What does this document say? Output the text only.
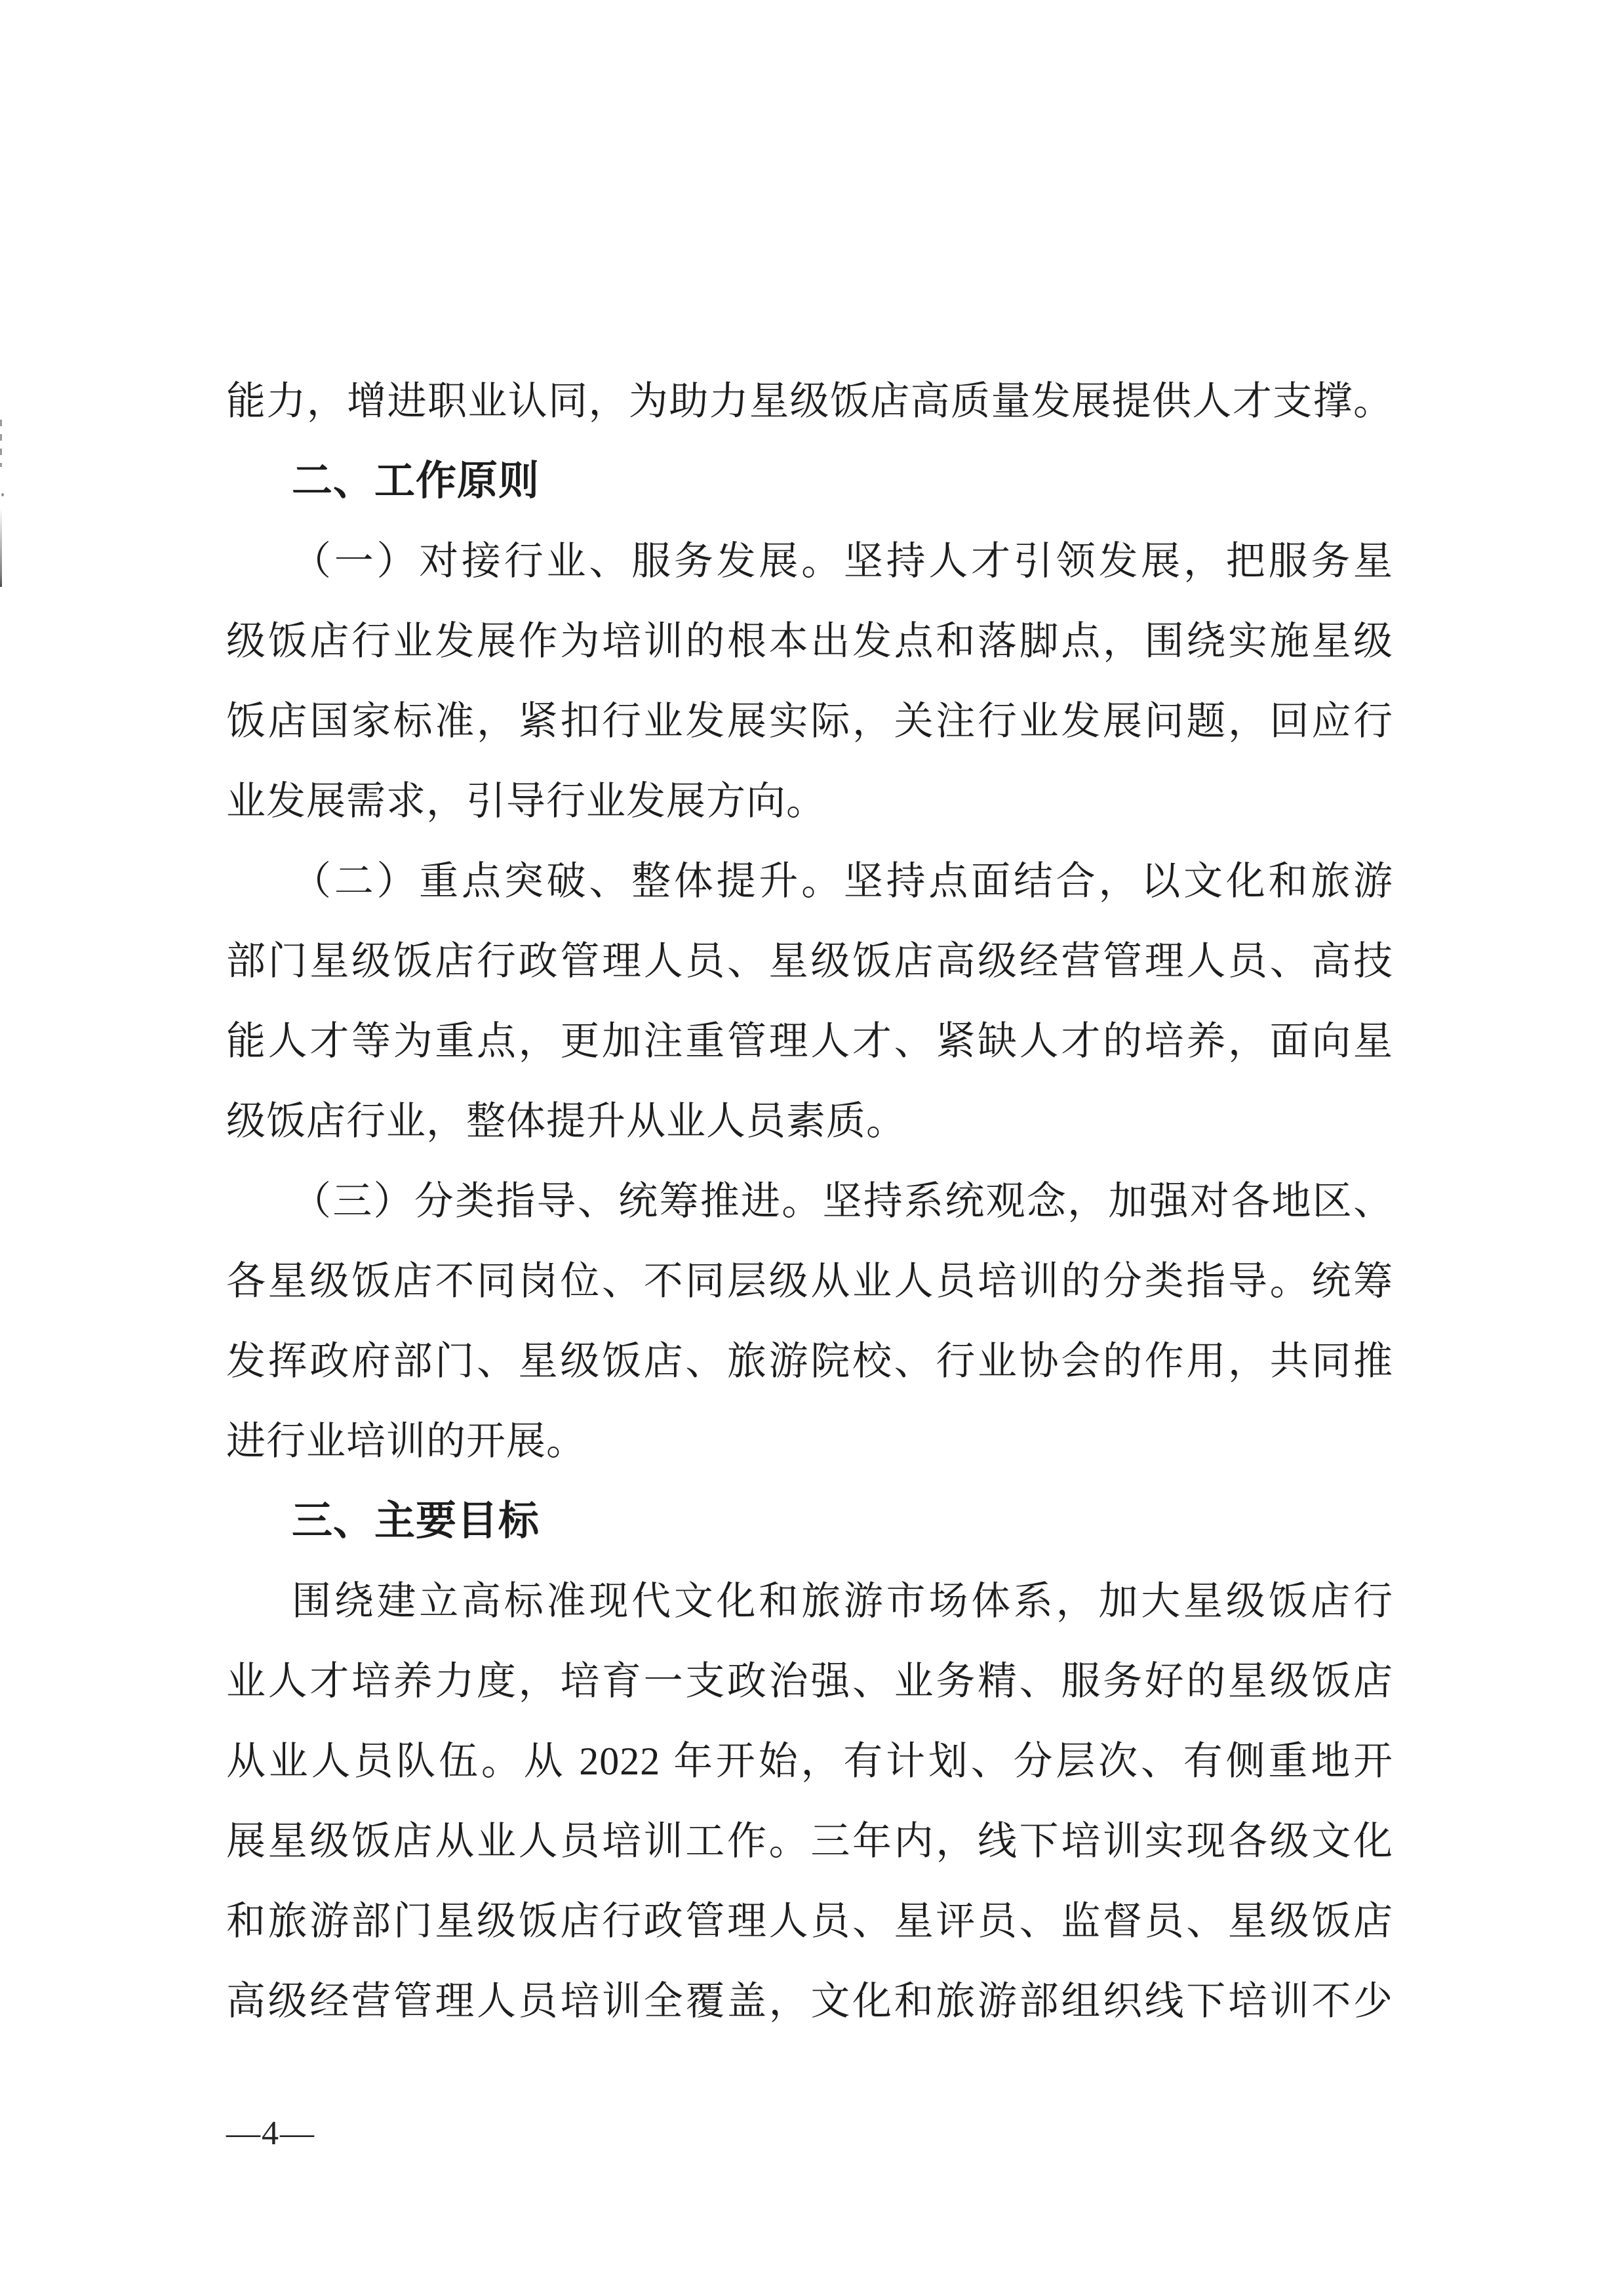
能力，增进职业认同，为助力星级饭店高质量发展提供人才支撑。
二、工作原则
（一）对接行业、服务发展。坚持人才引领发展，把服务星
级饭店行业发展作为培训的根本出发点和落脚点，围绕实施星级
饭店国家标准，紧扣行业发展实际，关注行业发展问题，回应行
业发展需求，引导行业发展方向。
（二）重点突破、整体提升。坚持点面结合，以文化和旅游
部门星级饭店行政管理人员、星级饭店高级经营管理人员、高技
能人才等为重点，更加注重管理人才、紧缺人才的培养，面向星
级饭店行业，整体提升从业人员素质。
（三）分类指导、统筹推进。坚持系统观念，加强对各地区、
各星级饭店不同岗位、不同层级从业人员培训的分类指导。统筹
发挥政府部门、星级饭店、旅游院校、行业协会的作用，共同推
进行业培训的开展。
三、主要目标
围绕建立高标准现代文化和旅游市场体系，加大星级饭店行
业人才培养力度，培育一支政治强、业务精、服务好的星级饭店
从业人员队伍。从 2022 年开始，有计划、分层次、有侧重地开
展星级饭店从业人员培训工作。三年内，线下培训实现各级文化
和旅游部门星级饭店行政管理人员、星评员、监督员、星级饭店
高级经营管理人员培训全覆盖，文化和旅游部组织线下培训不少
—4—
